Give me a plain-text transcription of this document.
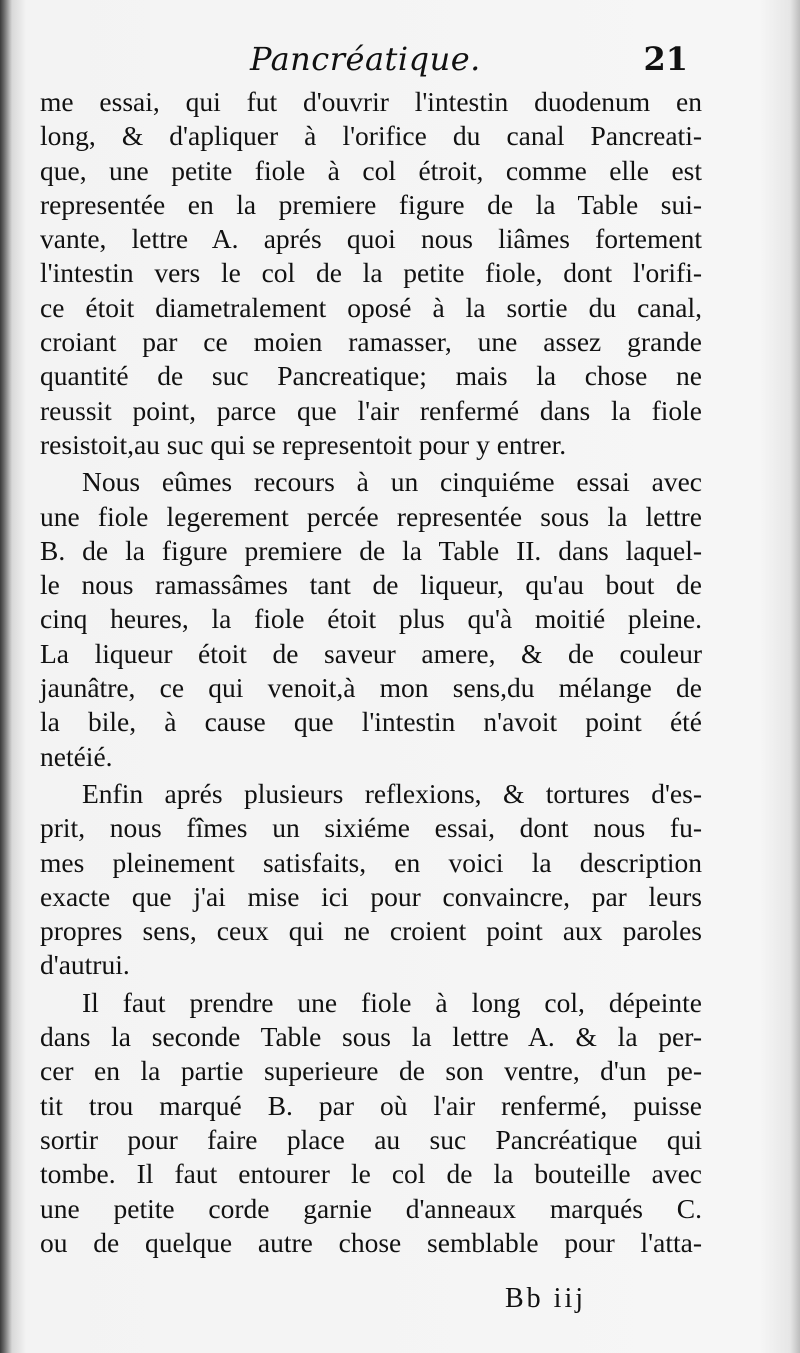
Pancréatique.	21
me essai, qui fut d'ouvrir l'intestin duodenum en
long, & d'apliquer à l'orifice du canal Pancreati-
que, une petite fiole à col étroit, comme elle est
representée en la premiere figure de la Table sui-
vante, lettre A. aprés quoi nous liâmes fortement
l'intestin vers le col de la petite fiole, dont l'orifi-
ce étoit diametralement oposé à la sortie du canal,
croiant par ce moien ramasser, une assez grande
quantité de suc Pancreatique; mais la chose ne
reussit point, parce que l'air renfermé dans la fiole
resistoit,au suc qui se representoit pour y entrer.
Nous eûmes recours à un cinquiéme essai avec
une fiole legerement percée representée sous la lettre
B. de la figure premiere de la Table II. dans laquel-
le nous ramassâmes tant de liqueur, qu'au bout de
cinq heures, la fiole étoit plus qu'à moitié pleine.
La liqueur étoit de saveur amere, & de couleur
jaunâtre, ce qui venoit,à mon sens,du mélange de
la bile, à cause que l'intestin n'avoit point été
netéié.
Enfin aprés plusieurs reflexions, & tortures d'es-
prit, nous fîmes un sixiéme essai, dont nous fu-
mes pleinement satisfaits, en voici la description
exacte que j'ai mise ici pour convaincre, par leurs
propres sens, ceux qui ne croient point aux paroles
d'autrui.
Il faut prendre une fiole à long col, dépeinte
dans la seconde Table sous la lettre A. & la per-
cer en la partie superieure de son ventre, d'un pe-
tit trou marqué B. par où l'air renfermé, puisse
sortir pour faire place au suc Pancréatique qui
tombe. Il faut entourer le col de la bouteille avec
une petite corde garnie d'anneaux marqués C.
ou de quelque autre chose semblable pour l'atta-
Bb iij
